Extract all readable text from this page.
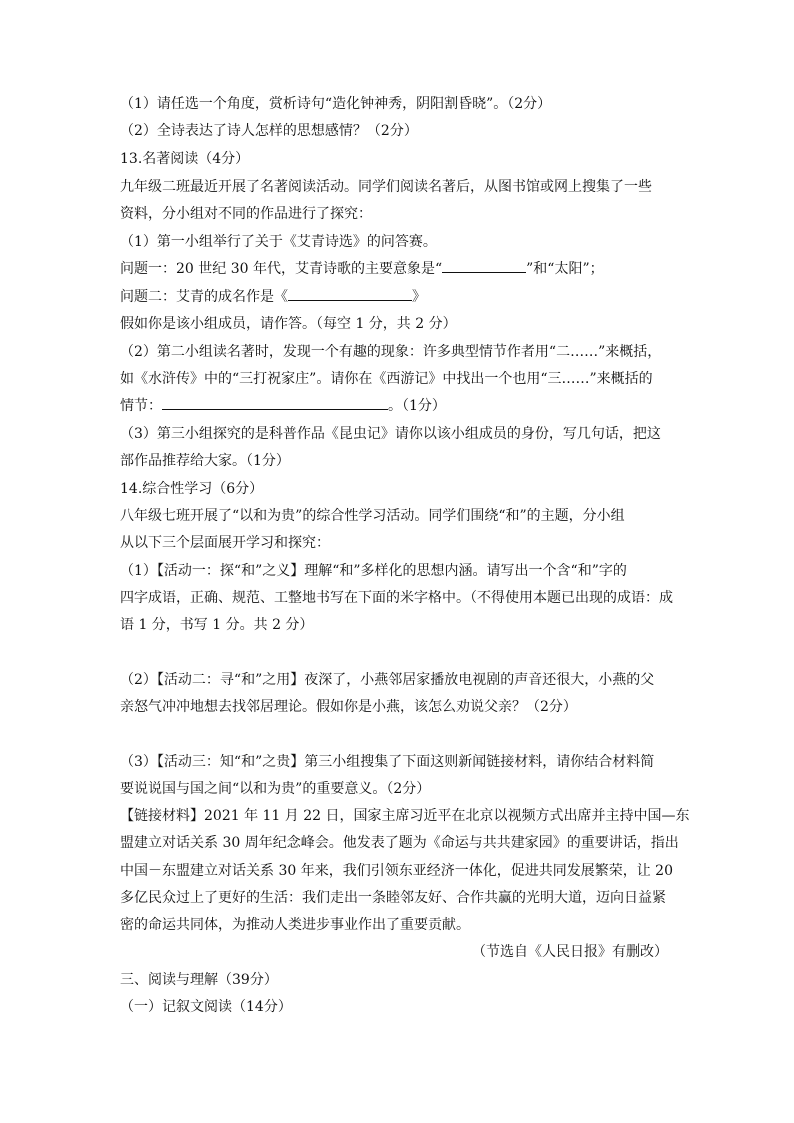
（1）请任选一个角度，赏析诗句“造化钟神秀，阴阳割昏晓”。（2分）
（2）全诗表达了诗人怎样的思想感情？（2分）
13.名著阅读（4分）
九年级二班最近开展了名著阅读活动。同学们阅读名著后，从图书馆或网上搜集了一些
资料，分小组对不同的作品进行了探究：
（1）第一小组举行了关于《艾青诗选》的问答赛。
问题一：20 世纪 30 年代，艾青诗歌的主要意象是“	”和“太阳”；
问题二：艾青的成名作是《	》
假如你是该小组成员，请作答。（每空 1 分，共 2 分）
（2）第二小组读名著时，发现一个有趣的现象：许多典型情节作者用“二……”来概括，
如《水浒传》中的“三打祝家庄”。请你在《西游记》中找出一个也用“三……”来概括的
情节：	。（1分）
（3）第三小组探究的是科普作品《昆虫记》请你以该小组成员的身份，写几句话，把这
部作品推荐给大家。（1分）
14.综合性学习（6分）
八年级七班开展了“以和为贵”的综合性学习活动。同学们围绕“和”的主题，分小组
从以下三个层面展开学习和探究：
（1）【活动一：探“和”之义】理解“和”多样化的思想内涵。请写出一个含“和”字的
四字成语，正确、规范、工整地书写在下面的米字格中。（不得使用本题已出现的成语：成
语 1 分，书写 1 分。共 2 分）
（2）【活动二：寻“和”之用】夜深了，小燕邻居家播放电视剧的声音还很大，小燕的父
亲怒气冲冲地想去找邻居理论。假如你是小燕，该怎么劝说父亲？（2分）
（3）【活动三：知“和”之贵】第三小组搜集了下面这则新闻链接材料，请你结合材料简
要说说国与国之间“以和为贵”的重要意义。（2分）
【链接材料】2021 年 11 月 22 日，国家主席习近平在北京以视频方式出席并主持中国—东
盟建立对话关系 30 周年纪念峰会。他发表了题为《命运与共共建家园》的重要讲话，指出
中国－东盟建立对话关系 30 年来，我们引领东亚经济一体化，促进共同发展繁荣，让 20
多亿民众过上了更好的生活：我们走出一条睦邻友好、合作共赢的光明大道，迈向日益紧
密的命运共同体，为推动人类进步事业作出了重要贡献。
（节选自《人民日报》有删改）
三、阅读与理解（39分）
（一）记叙文阅读（14分）
